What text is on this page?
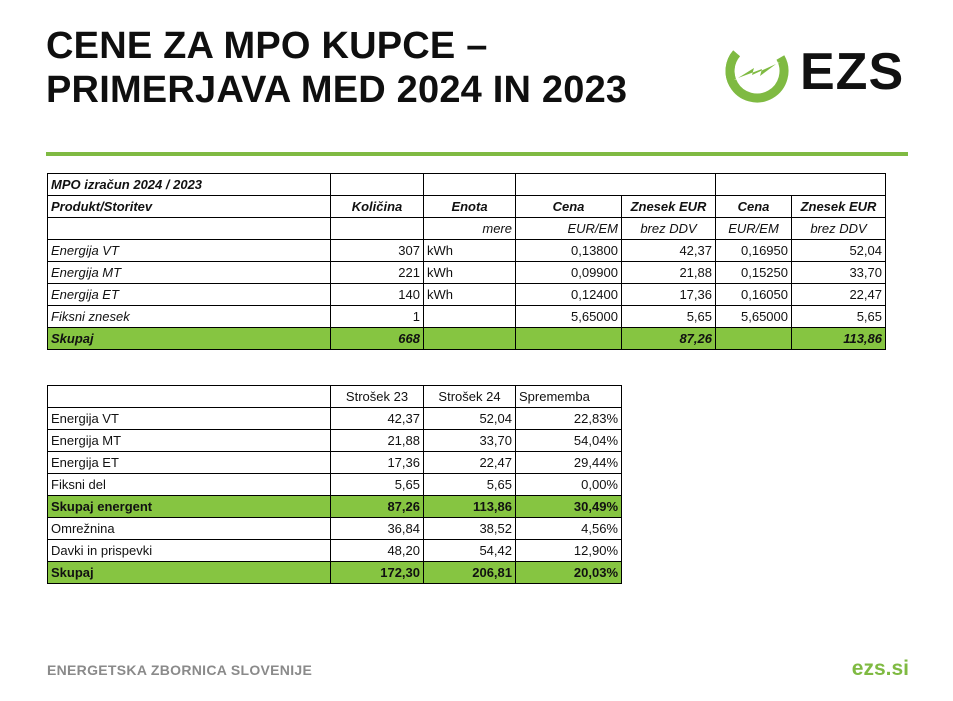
CENE ZA MPO KUPCE –
PRIMERJAVA MED 2024 IN 2023	EZS
MPO izračun 2024 / 2023						
Produkt/Storitev	Količina	Enota	Cena	Znesek EUR	Cena	Znesek EUR
		mere	EUR/EM	brez DDV	EUR/EM	brez DDV
Energija VT	307	kWh	0,13800	42,37	0,16950	52,04
Energija MT	221	kWh	0,09900	21,88	0,15250	33,70
Energija ET	140	kWh	0,12400	17,36	0,16050	22,47
Fiksni znesek	1		5,65000	5,65	5,65000	5,65
Skupaj	668			87,26		113,86
	Strošek 23	Strošek 24	Sprememba
Energija VT	42,37	52,04	22,83%
Energija MT	21,88	33,70	54,04%
Energija ET	17,36	22,47	29,44%
Fiksni del	5,65	5,65	0,00%
Skupaj energent	87,26	113,86	30,49%
Omrežnina	36,84	38,52	4,56%
Davki in prispevki	48,20	54,42	12,90%
Skupaj	172,30	206,81	20,03%
ENERGETSKA ZBORNICA SLOVENIJE	ezs.si
